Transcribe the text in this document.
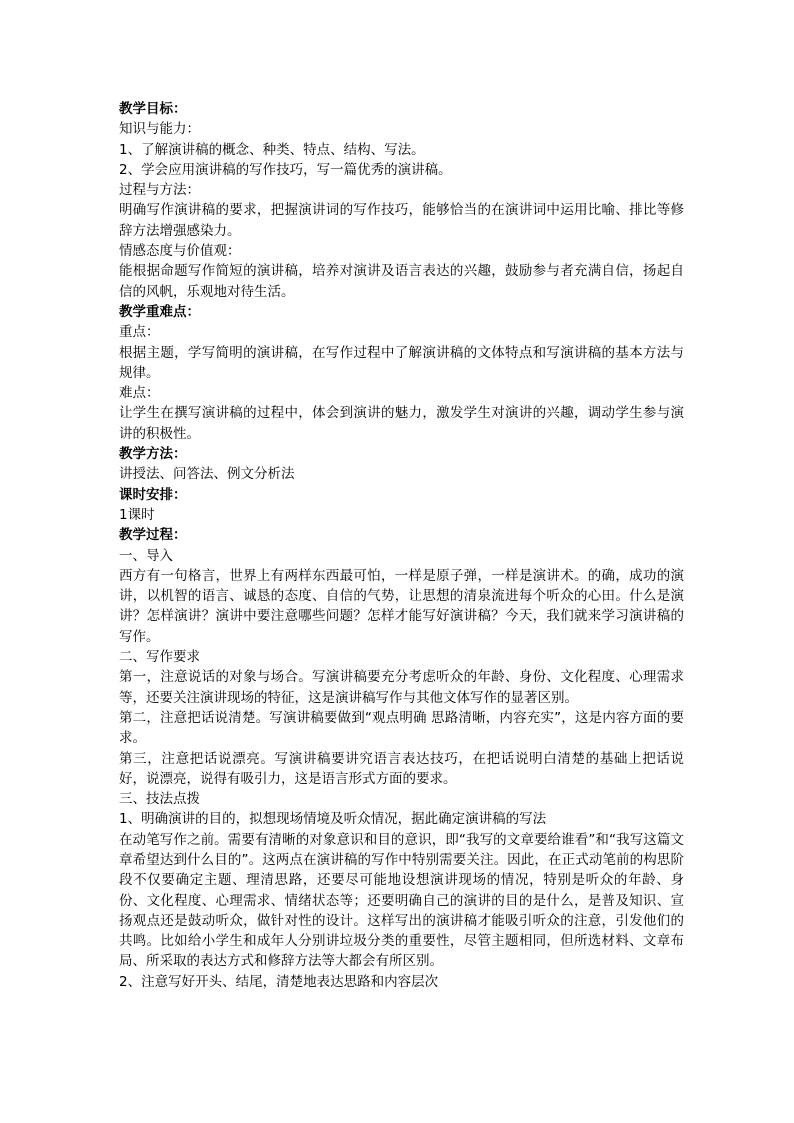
教学目标：
知识与能力：
1、了解演讲稿的概念、种类、特点、结构、写法。
2、学会应用演讲稿的写作技巧，写一篇优秀的演讲稿。
过程与方法：
明确写作演讲稿的要求，把握演讲词的写作技巧，能够恰当的在演讲词中运用比喻、排比等修辞方法增强感染力。
情感态度与价值观：
能根据命题写作简短的演讲稿，培养对演讲及语言表达的兴趣，鼓励参与者充满自信，扬起自信的风帆，乐观地对待生活。
教学重难点：
重点：
根据主题，学写简明的演讲稿，在写作过程中了解演讲稿的文体特点和写演讲稿的基本方法与规律。
难点：
让学生在撰写演讲稿的过程中，体会到演讲的魅力，激发学生对演讲的兴趣，调动学生参与演讲的积极性。
教学方法：
讲授法、问答法、例文分析法
课时安排：
1课时
教学过程：
一、导入
西方有一句格言，世界上有两样东西最可怕，一样是原子弹，一样是演讲术。的确，成功的演讲，以机智的语言、诚恳的态度、自信的气势，让思想的清泉流进每个听众的心田。什么是演讲？怎样演讲？演讲中要注意哪些问题？怎样才能写好演讲稿？今天，我们就来学习演讲稿的写作。
二、写作要求
第一，注意说话的对象与场合。写演讲稿要充分考虑听众的年龄、身份、文化程度、心理需求等，还要关注演讲现场的特征，这是演讲稿写作与其他文体写作的显著区别。
第二，注意把话说清楚。写演讲稿要做到“观点明确 思路清晰，内容充实”，这是内容方面的要求。
第三，注意把话说漂亮。写演讲稿要讲究语言表达技巧，在把话说明白清楚的基础上把话说好，说漂亮，说得有吸引力，这是语言形式方面的要求。
三、技法点拨
1、明确演讲的目的，拟想现场情境及听众情况，据此确定演讲稿的写法
在动笔写作之前。需要有清晰的对象意识和目的意识，即“我写的文章要给谁看”和“我写这篇文章希望达到什么目的”。这两点在演讲稿的写作中特别需要关注。因此，在正式动笔前的构思阶段不仅要确定主题、理清思路，还要尽可能地设想演讲现场的情况，特别是听众的年龄、身份、文化程度、心理需求、情绪状态等；还要明确自己的演讲的目的是什么，是普及知识、宣扬观点还是鼓动听众，做针对性的设计。这样写出的演讲稿才能吸引听众的注意，引发他们的共鸣。比如给小学生和成年人分别讲垃圾分类的重要性，尽管主题相同，但所选材料、文章布局、所采取的表达方式和修辞方法等大都会有所区别。
2、注意写好开头、结尾，清楚地表达思路和内容层次
